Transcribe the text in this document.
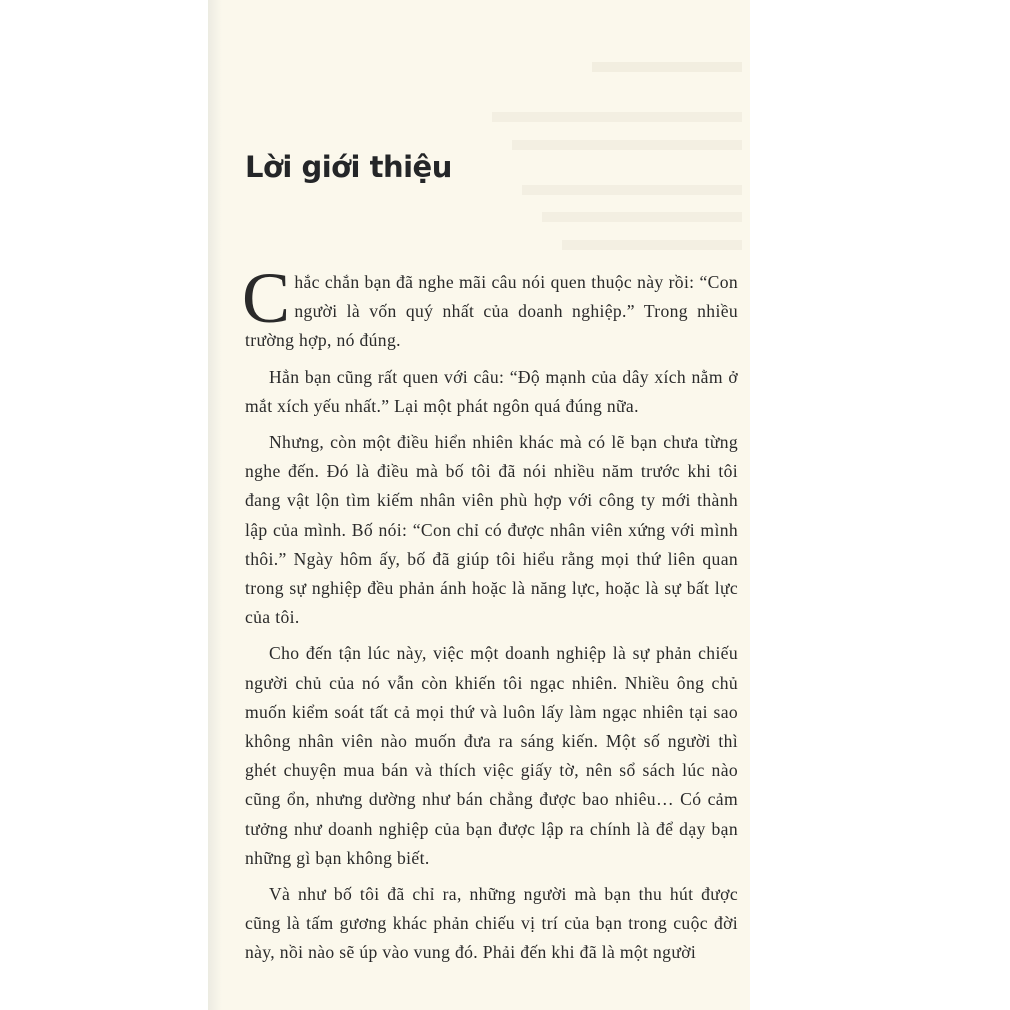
Lời giới thiệu

Chắc chắn bạn đã nghe mãi câu nói quen thuộc này rồi: “Con người là vốn quý nhất của doanh nghiệp.” Trong nhiều trường hợp, nó đúng.

Hẳn bạn cũng rất quen với câu: “Độ mạnh của dây xích nằm ở mắt xích yếu nhất.” Lại một phát ngôn quá đúng nữa.

Nhưng, còn một điều hiển nhiên khác mà có lẽ bạn chưa từng nghe đến. Đó là điều mà bố tôi đã nói nhiều năm trước khi tôi đang vật lộn tìm kiếm nhân viên phù hợp với công ty mới thành lập của mình. Bố nói: “Con chỉ có được nhân viên xứng với mình thôi.” Ngày hôm ấy, bố đã giúp tôi hiểu rằng mọi thứ liên quan trong sự nghiệp đều phản ánh hoặc là năng lực, hoặc là sự bất lực của tôi.

Cho đến tận lúc này, việc một doanh nghiệp là sự phản chiếu người chủ của nó vẫn còn khiến tôi ngạc nhiên. Nhiều ông chủ muốn kiểm soát tất cả mọi thứ và luôn lấy làm ngạc nhiên tại sao không nhân viên nào muốn đưa ra sáng kiến. Một số người thì ghét chuyện mua bán và thích việc giấy tờ, nên sổ sách lúc nào cũng ổn, nhưng dường như bán chẳng được bao nhiêu… Có cảm tưởng như doanh nghiệp của bạn được lập ra chính là để dạy bạn những gì bạn không biết.

Và như bố tôi đã chỉ ra, những người mà bạn thu hút được cũng là tấm gương khác phản chiếu vị trí của bạn trong cuộc đời này, nồi nào sẽ úp vào vung đó. Phải đến khi đã là một người
